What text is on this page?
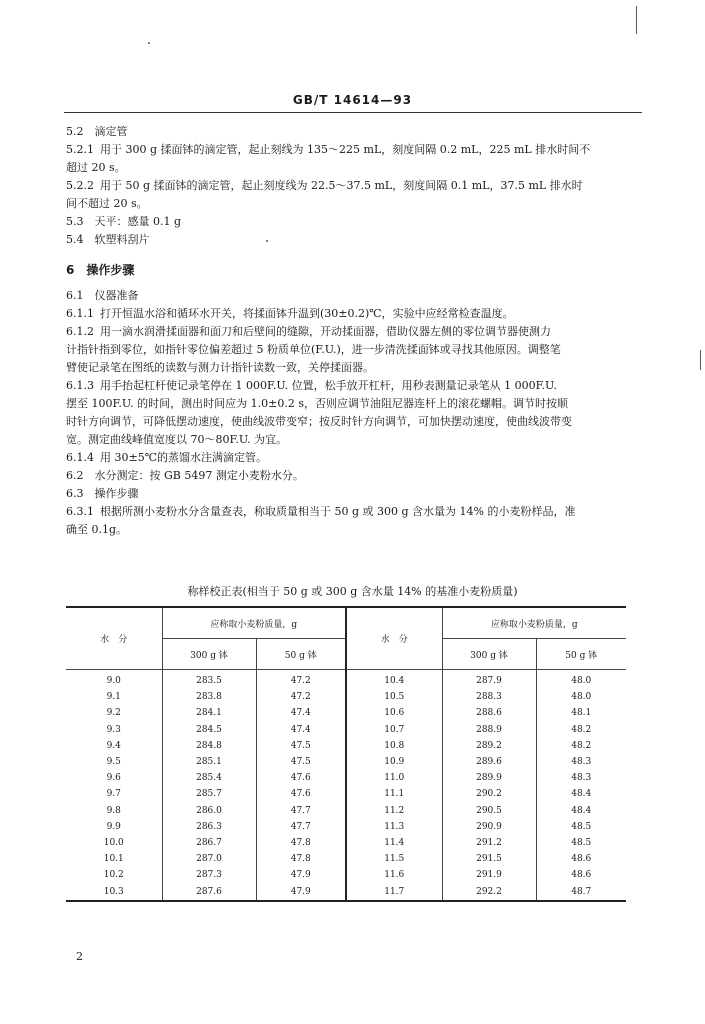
GB/T 14614—93
5.2　滴定管
5.2.1 用于 300 g 揉面钵的滴定管，起止刻线为 135～225 mL，刻度间隔 0.2 mL，225 mL 排水时间不
超过 20 s。
5.2.2 用于 50 g 揉面钵的滴定管，起止刻度线为 22.5～37.5 mL，刻度间隔 0.1 mL，37.5 mL 排水时
间不超过 20 s。
5.3　天平：感量 0.1 g
5.4　软塑料刮片
6　操作步骤
6.1　仪器准备
6.1.1 打开恒温水浴和循环水开关，将揉面钵升温到(30±0.2)℃，实验中应经常检查温度。
6.1.2 用一滴水润滑揉面器和面刀和后壁间的缝隙，开动揉面器，借助仪器左侧的零位调节器使测力
计指针指到零位，如指针零位偏差超过 5 粉质单位(F.U.)，进一步清洗揉面钵或寻找其他原因。调整笔
臂使记录笔在图纸的读数与测力计指针读数一致，关停揉面器。
6.1.3 用手抬起杠杆使记录笔停在 1 000F.U. 位置，松手放开杠杆，用秒表测量记录笔从 1 000F.U.
摆至 100F.U. 的时间，测出时间应为 1.0±0.2 s，否则应调节油阻尼器连杆上的滚花螺帽。调节时按顺
时针方向调节，可降低摆动速度，使曲线波带变窄；按反时针方向调节，可加快摆动速度，使曲线波带变
宽。测定曲线峰值宽度以 70～80F.U. 为宜。
6.1.4 用 30±5℃的蒸馏水注满滴定管。
6.2　水分测定：按 GB 5497 测定小麦粉水分。
6.3　操作步骤
6.3.1 根据所测小麦粉水分含量查表，称取质量相当于 50 g 或 300 g 含水量为 14% 的小麦粉样品，准
确至 0.1g。
称样校正表(相当于 50 g 或 300 g 含水量 14% 的基准小麦粉质量)
水　分	应称取小麦粉质量，g		水　分	应称取小麦粉质量，g	
	300 g 钵	50 g 钵		300 g 钵	50 g 钵
9.0	283.5	47.2	10.4	287.9	48.0
9.1	283.8	47.2	10.5	288.3	48.0
9.2	284.1	47.4	10.6	288.6	48.1
9.3	284.5	47.4	10.7	288.9	48.2
9.4	284.8	47.5	10.8	289.2	48.2
9.5	285.1	47.5	10.9	289.6	48.3
9.6	285.4	47.6	11.0	289.9	48.3
9.7	285.7	47.6	11.1	290.2	48.4
9.8	286.0	47.7	11.2	290.5	48.4
9.9	286.3	47.7	11.3	290.9	48.5
10.0	286.7	47.8	11.4	291.2	48.5
10.1	287.0	47.8	11.5	291.5	48.6
10.2	287.3	47.9	11.6	291.9	48.6
10.3	287.6	47.9	11.7	292.2	48.7
2
